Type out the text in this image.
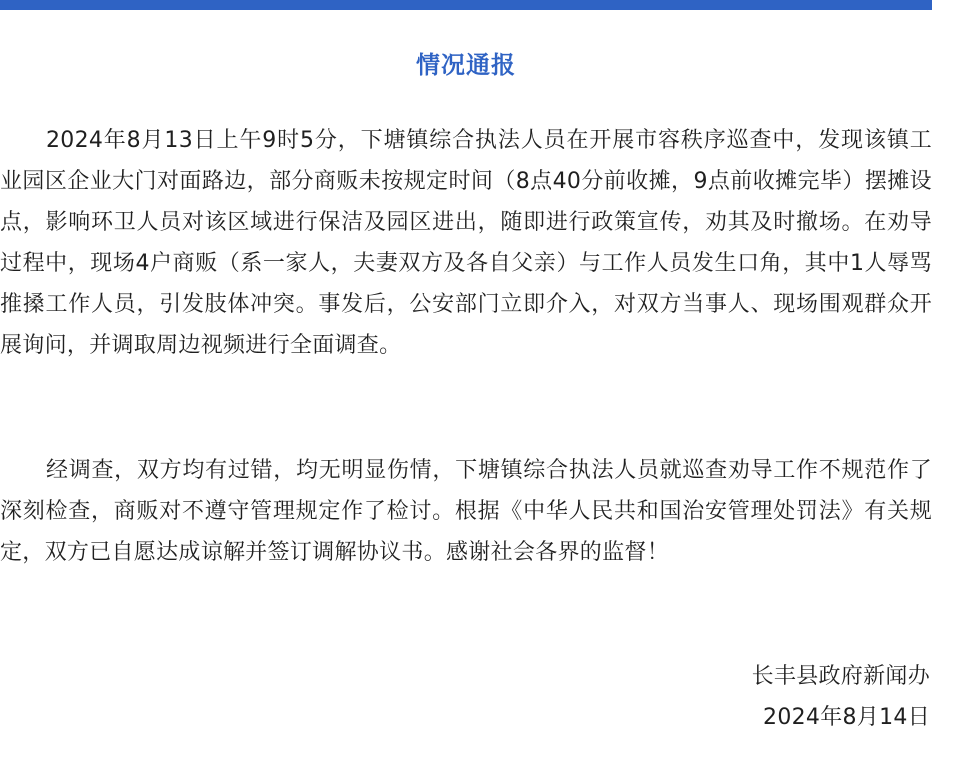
情况通报

2024年8月13日上午9时5分，下塘镇综合执法人员在开展市容秩序巡查中，发现该镇工业园区企业大门对面路边，部分商贩未按规定时间（8点40分前收摊，9点前收摊完毕）摆摊设点，影响环卫人员对该区域进行保洁及园区进出，随即进行政策宣传，劝其及时撤场。在劝导过程中，现场4户商贩（系一家人，夫妻双方及各自父亲）与工作人员发生口角，其中1人辱骂推搡工作人员，引发肢体冲突。事发后，公安部门立即介入，对双方当事人、现场围观群众开展询问，并调取周边视频进行全面调查。

经调查，双方均有过错，均无明显伤情，下塘镇综合执法人员就巡查劝导工作不规范作了深刻检查，商贩对不遵守管理规定作了检讨。根据《中华人民共和国治安管理处罚法》有关规定，双方已自愿达成谅解并签订调解协议书。感谢社会各界的监督！

长丰县政府新闻办
2024年8月14日
